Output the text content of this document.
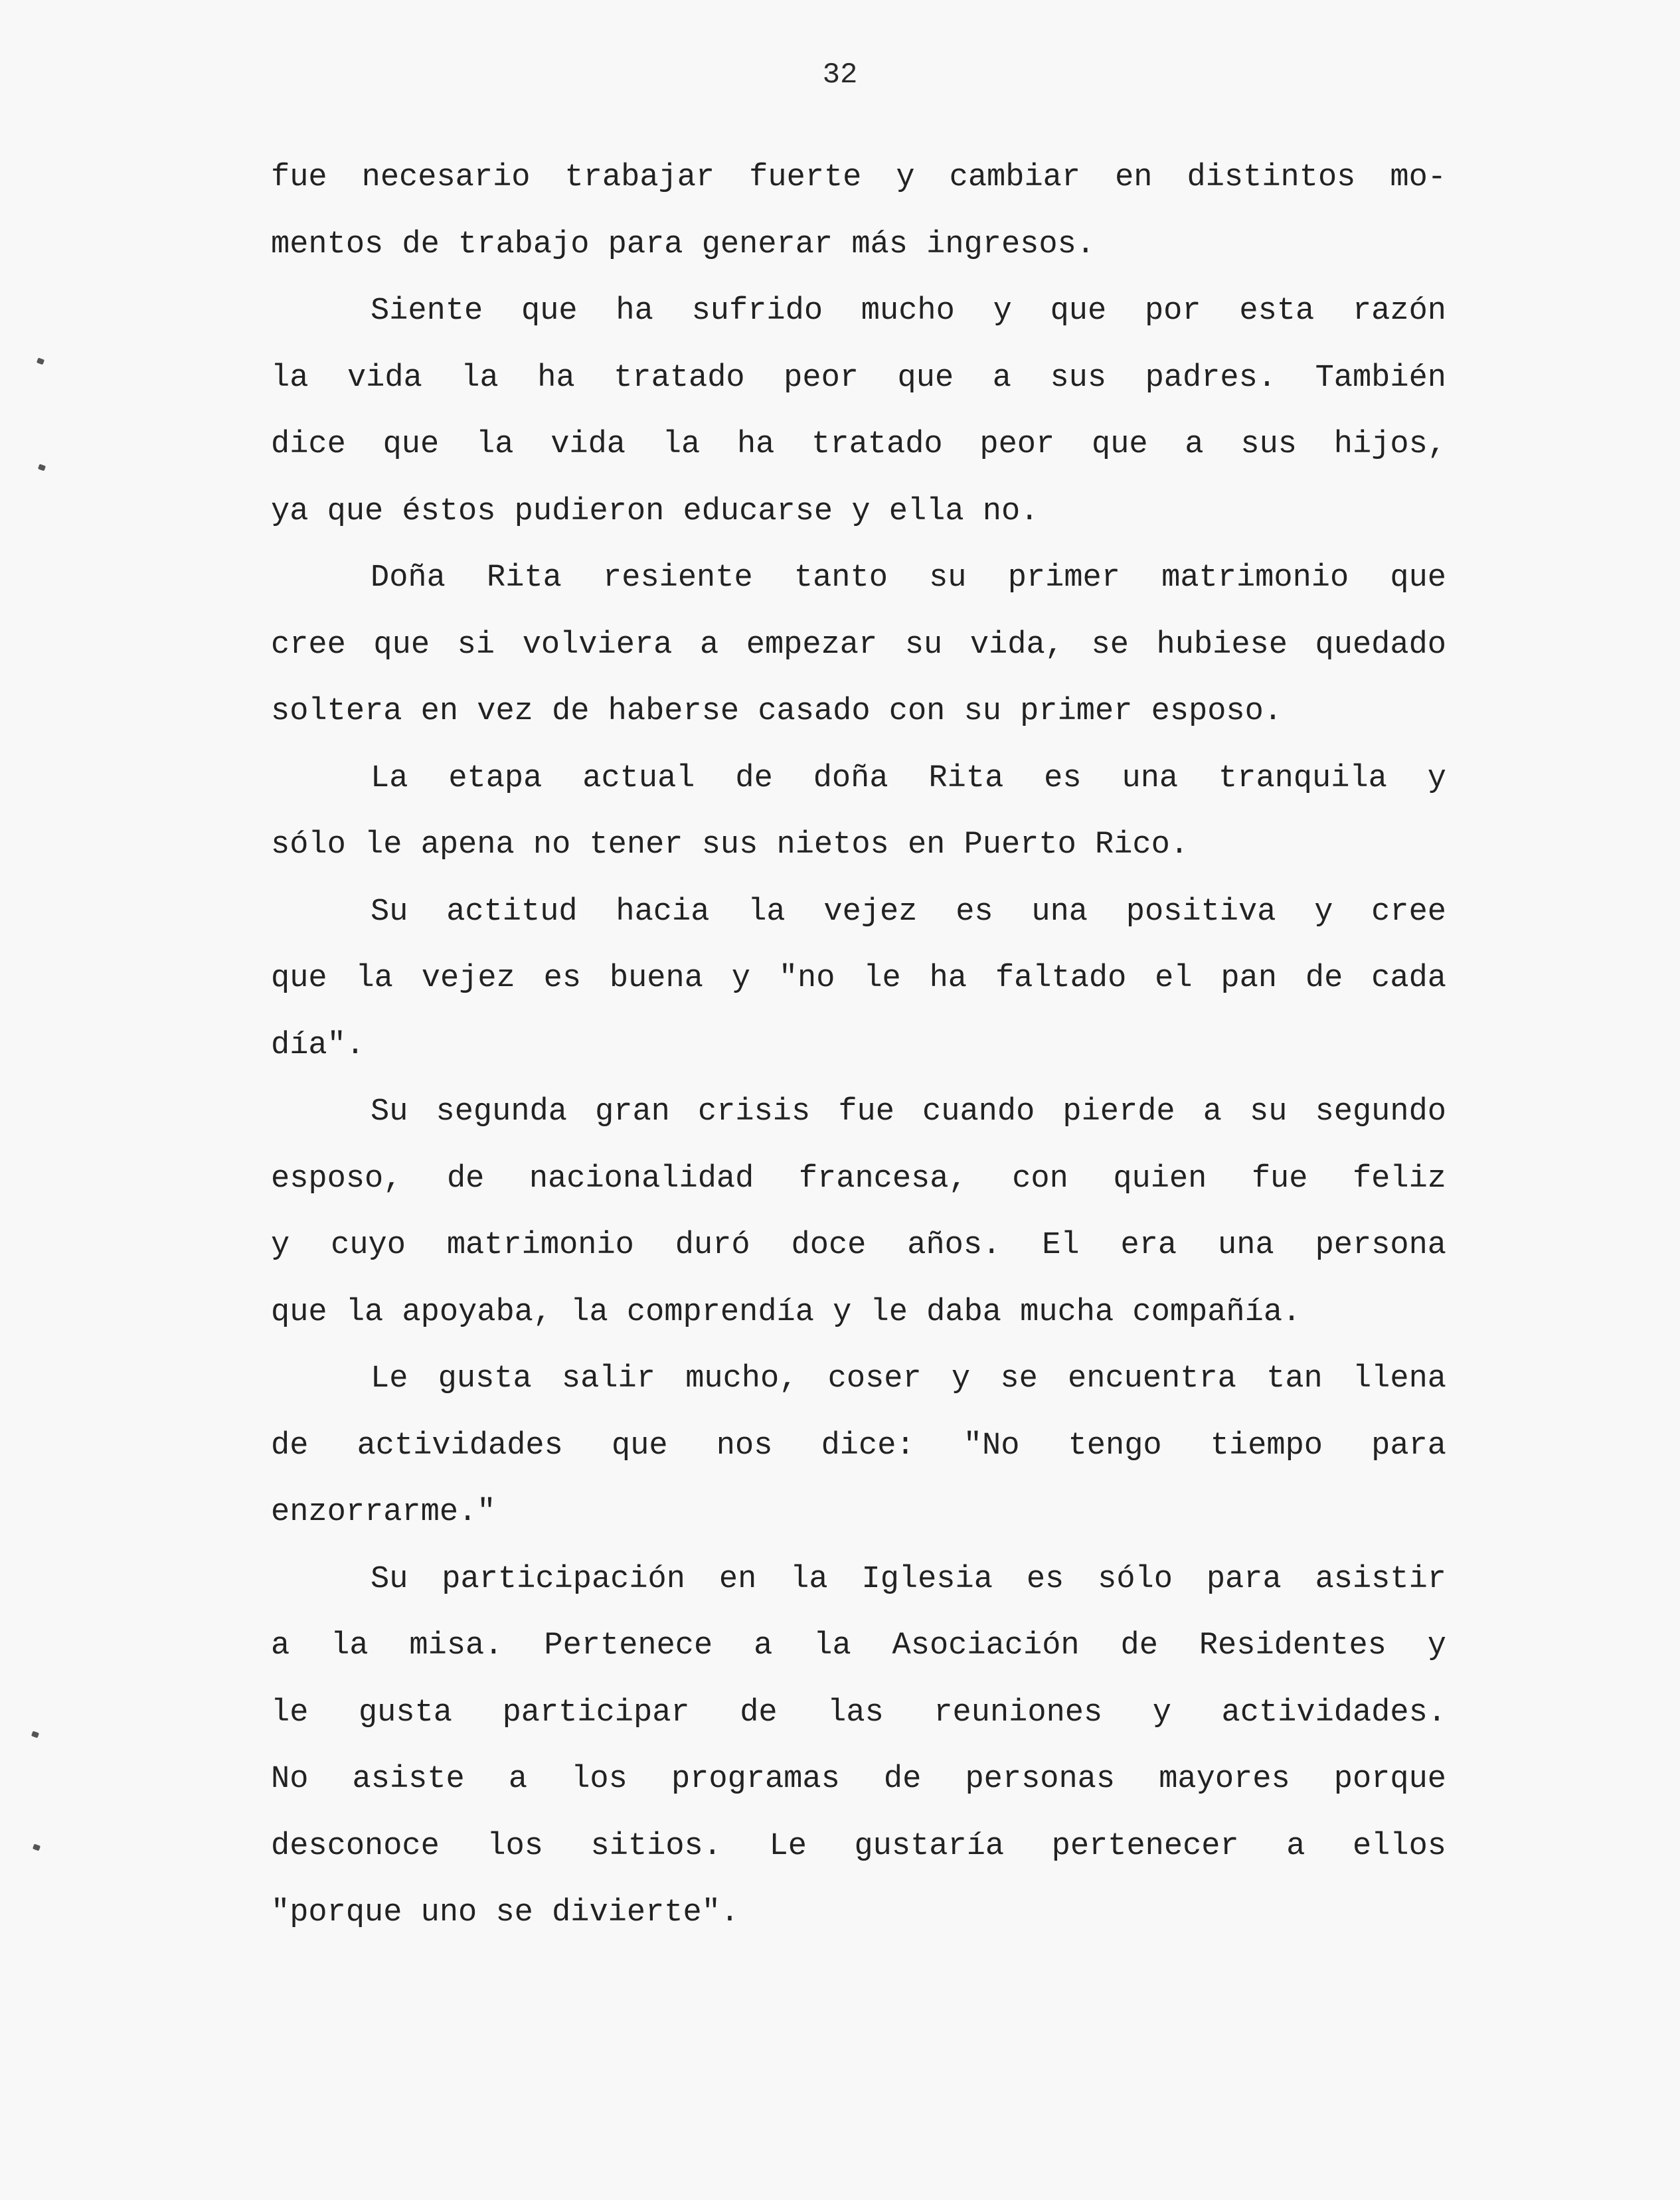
32
fue necesario trabajar fuerte y cambiar en distintos mo-
mentos de trabajo para generar más ingresos.
Siente que ha sufrido mucho y que por esta razón
la vida la ha tratado peor que a sus padres. También
dice que la vida la ha tratado peor que a sus hijos,
ya que éstos pudieron educarse y ella no.
Doña Rita resiente tanto su primer matrimonio que
cree que si volviera a empezar su vida, se hubiese quedado
soltera en vez de haberse casado con su primer esposo.
La etapa actual de doña Rita es una tranquila y
sólo le apena no tener sus nietos en Puerto Rico.
Su actitud hacia la vejez es una positiva y cree
que la vejez es buena y "no le ha faltado el pan de cada
día".
Su segunda gran crisis fue cuando pierde a su segundo
esposo, de nacionalidad francesa, con quien fue feliz
y cuyo matrimonio duró doce años. El era una persona
que la apoyaba, la comprendía y le daba mucha compañía.
Le gusta salir mucho, coser y se encuentra tan llena
de actividades que nos dice: "No tengo tiempo para
enzorrarme."
Su participación en la Iglesia es sólo para asistir
a la misa. Pertenece a la Asociación de Residentes y
le gusta participar de las reuniones y actividades.
No asiste a los programas de personas mayores porque
desconoce los sitios. Le gustaría pertenecer a ellos
"porque uno se divierte".
